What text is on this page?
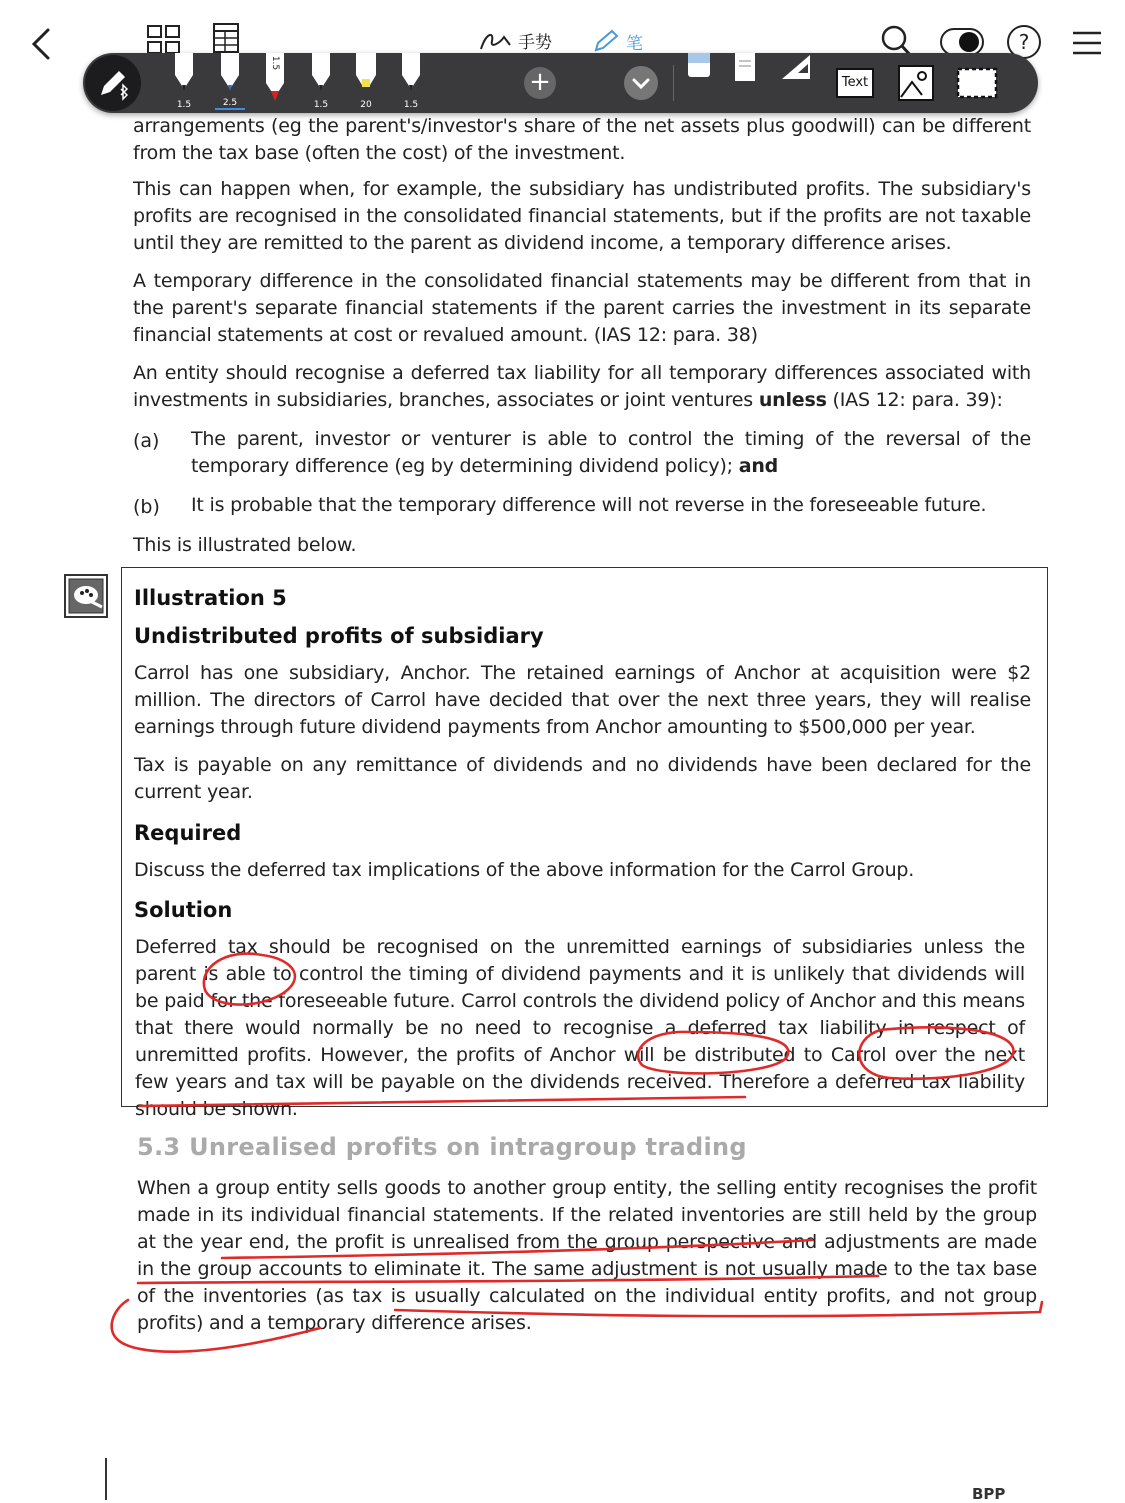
arrangements (eg the parent's/investor's share of the net assets plus goodwill) can be different from the tax base (often the cost) of the investment.
This can happen when, for example, the subsidiary has undistributed profits. The subsidiary's profits are recognised in the consolidated financial statements, but if the profits are not taxable until they are remitted to the parent as dividend income, a temporary difference arises.
A temporary difference in the consolidated financial statements may be different from that in the parent's separate financial statements if the parent carries the investment in its separate financial statements at cost or revalued amount. (IAS 12: para. 38)
An entity should recognise a deferred tax liability for all temporary differences associated with investments in subsidiaries, branches, associates or joint ventures unless (IAS 12: para. 39):
(a) The parent, investor or venturer is able to control the timing of the reversal of the temporary difference (eg by determining dividend policy); and
(b) It is probable that the temporary difference will not reverse in the foreseeable future.
This is illustrated below.
Illustration 5
Undistributed profits of subsidiary
Carrol has one subsidiary, Anchor. The retained earnings of Anchor at acquisition were $2 million. The directors of Carrol have decided that over the next three years, they will realise earnings through future dividend payments from Anchor amounting to $500,000 per year.
Tax is payable on any remittance of dividends and no dividends have been declared for the current year.
Required
Discuss the deferred tax implications of the above information for the Carrol Group.
Solution
Deferred tax should be recognised on the unremitted earnings of subsidiaries unless the parent is able to control the timing of dividend payments and it is unlikely that dividends will be paid for the foreseeable future. Carrol controls the dividend policy of Anchor and this means that there would normally be no need to recognise a deferred tax liability in respect of unremitted profits. However, the profits of Anchor will be distributed to Carrol over the next few years and tax will be payable on the dividends received. Therefore a deferred tax liability should be shown.
5.3 Unrealised profits on intragroup trading
When a group entity sells goods to another group entity, the selling entity recognises the profit made in its individual financial statements. If the related inventories are still held by the group at the year end, the profit is unrealised from the group perspective and adjustments are made in the group accounts to eliminate it. The same adjustment is not usually made to the tax base of the inventories (as tax is usually calculated on the individual entity profits, and not group profits) and a temporary difference arises.
BPP
手势	笔	?
1.5	2.5
1.5
1.5	20	1.5
+	Text
